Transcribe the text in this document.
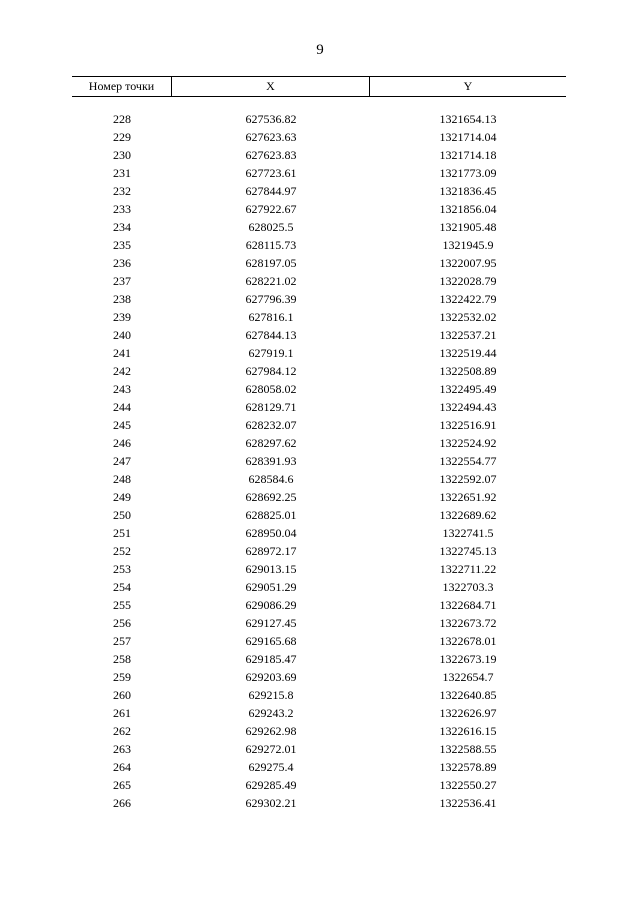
9
Номер точки	X	Y
228	627536.82	1321654.13
229	627623.63	1321714.04
230	627623.83	1321714.18
231	627723.61	1321773.09
232	627844.97	1321836.45
233	627922.67	1321856.04
234	628025.5	1321905.48
235	628115.73	1321945.9
236	628197.05	1322007.95
237	628221.02	1322028.79
238	627796.39	1322422.79
239	627816.1	1322532.02
240	627844.13	1322537.21
241	627919.1	1322519.44
242	627984.12	1322508.89
243	628058.02	1322495.49
244	628129.71	1322494.43
245	628232.07	1322516.91
246	628297.62	1322524.92
247	628391.93	1322554.77
248	628584.6	1322592.07
249	628692.25	1322651.92
250	628825.01	1322689.62
251	628950.04	1322741.5
252	628972.17	1322745.13
253	629013.15	1322711.22
254	629051.29	1322703.3
255	629086.29	1322684.71
256	629127.45	1322673.72
257	629165.68	1322678.01
258	629185.47	1322673.19
259	629203.69	1322654.7
260	629215.8	1322640.85
261	629243.2	1322626.97
262	629262.98	1322616.15
263	629272.01	1322588.55
264	629275.4	1322578.89
265	629285.49	1322550.27
266	629302.21	1322536.41
